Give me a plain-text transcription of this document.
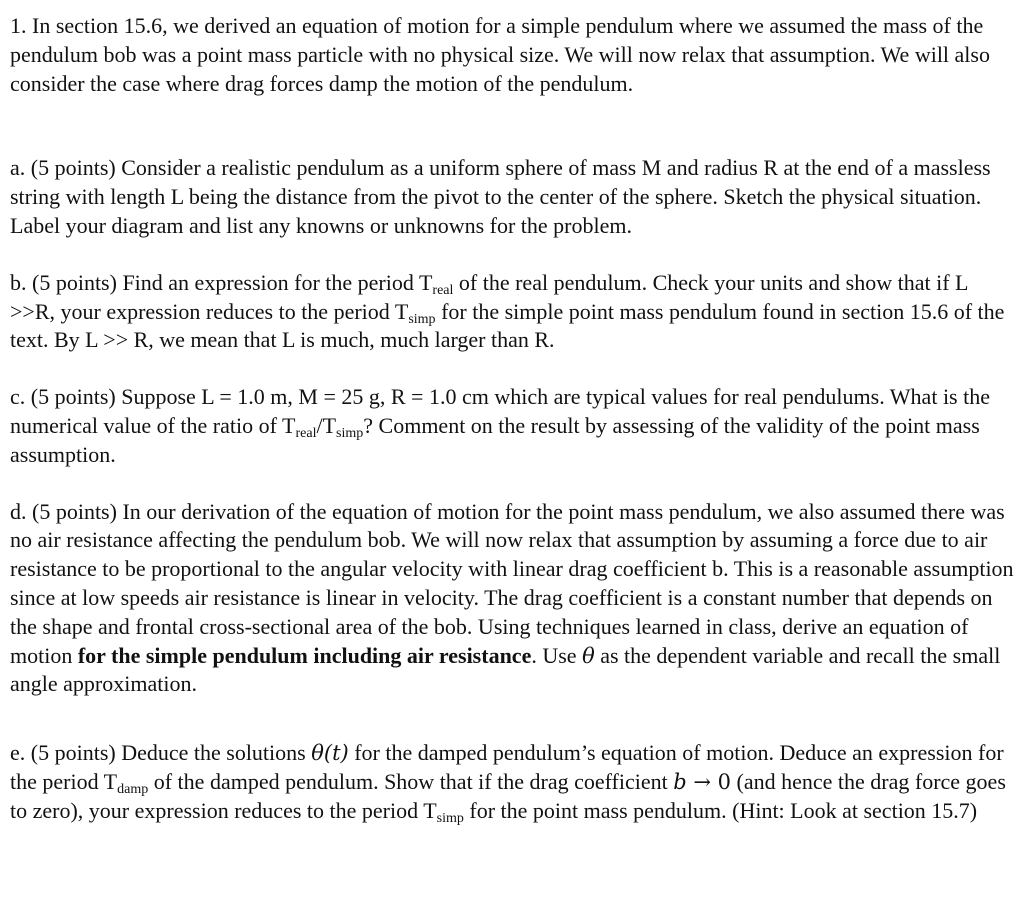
1. In section 15.6, we derived an equation of motion for a simple pendulum where we assumed the mass of the pendulum bob was a point mass particle with no physical size. We will now relax that assumption. We will also consider the case where drag forces damp the motion of the pendulum.

a. (5 points) Consider a realistic pendulum as a uniform sphere of mass M and radius R at the end of a massless string with length L being the distance from the pivot to the center of the sphere. Sketch the physical situation. Label your diagram and list any knowns or unknowns for the problem.

b. (5 points) Find an expression for the period $T_{real}$ of the real pendulum. Check your units and show that if L >>R, your expression reduces to the period $T_{simp}$ for the simple point mass pendulum found in section 15.6 of the text. By L >> R, we mean that L is much, much larger than R.

c. (5 points) Suppose L = 1.0 m, M = 25 g, R = 1.0 cm which are typical values for real pendulums. What is the numerical value of the ratio of $T_{real}/T_{simp}$? Comment on the result by assessing of the validity of the point mass assumption.

d. (5 points) In our derivation of the equation of motion for the point mass pendulum, we also assumed there was no air resistance affecting the pendulum bob. We will now relax that assumption by assuming a force due to air resistance to be proportional to the angular velocity with linear drag coefficient b. This is a reasonable assumption since at low speeds air resistance is linear in velocity. The drag coefficient is a constant number that depends on the shape and frontal cross-sectional area of the bob. Using techniques learned in class, derive an equation of motion for the simple pendulum including air resistance. Use θ as the dependent variable and recall the small angle approximation.

e. (5 points) Deduce the solutions θ(t) for the damped pendulum’s equation of motion. Deduce an expression for the period $T_{damp}$ of the damped pendulum. Show that if the drag coefficient b → 0 (and hence the drag force goes to zero), your expression reduces to the period $T_{simp}$ for the point mass pendulum. (Hint: Look at section 15.7)
